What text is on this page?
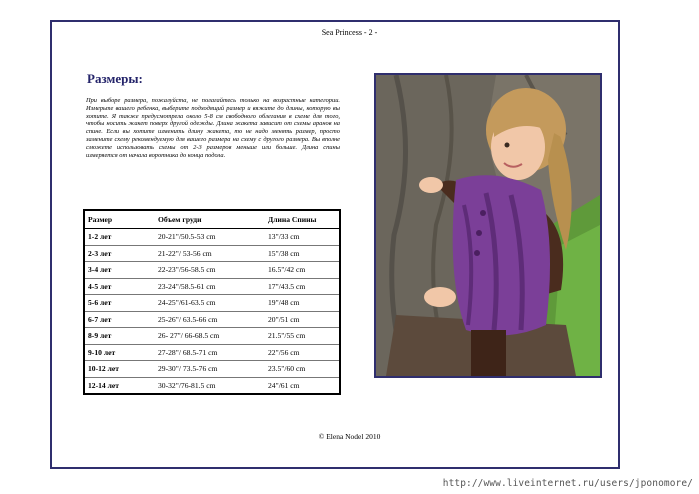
Sea Princess - 2 -
Размеры:
При выборе размера, пожалуйста, не полагайтесь только на возрастные категории. Измерьте вашего ребенка, выберите подходящий размер и вяжите до длины, которую вы хотите. Я также предусмотрела около 5-8 см свободного облегания в схеме для того, чтобы носить жакет поверх другой одежды. Длина жакета зависит от схемы аранов на спине. Если вы хотите изменить длину жакета, то не надо менять размер, просто замените схему рекомендуемую для вашего размера на схему с другого размера. Вы вполне сможете использовать схемы от 2-3 размеров меньше или больше. Длина спины измеряется от начала воротника до конца подола.
Размер	Объем груди	Длина Спины
1-2 лет	20-21"/50.5-53 cm	13"/33 cm
2-3 лет	21-22"/ 53-56 cm	15"/38 cm
3-4 лет	22-23"/56-58.5 cm	16.5"/42 cm
4-5 лет	23-24"/58.5-61 cm	17"/43.5 cm
5-6 лет	24-25"/61-63.5 cm	19"/48 cm
6-7 лет	25-26"/ 63.5-66 cm	20"/51 cm
8-9 лет	26- 27"/ 66-68.5 cm	21.5"/55 cm
9-10 лет	27-28"/ 68.5-71 cm	22"/56 cm
10-12 лет	29-30"/ 73.5-76 cm	23.5"/60 cm
12-14 лет	30-32"/76-81.5 cm	24"/61 cm
© Elena Nodel 2010
http://www.liveinternet.ru/users/jponomore/
